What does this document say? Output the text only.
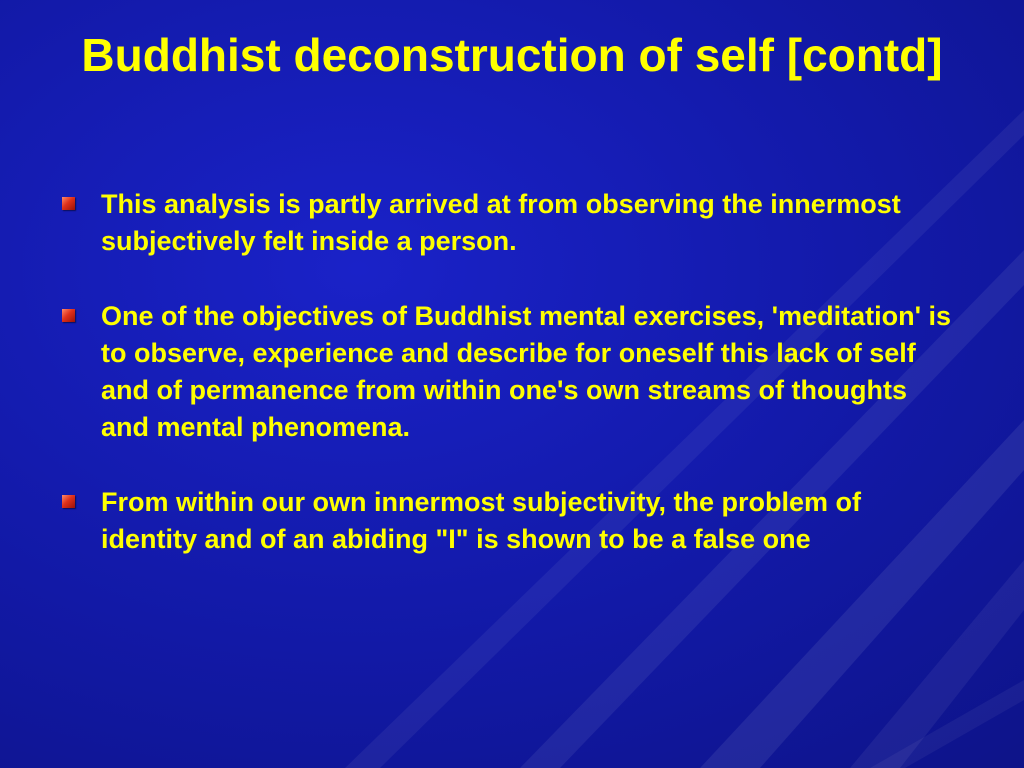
Buddhist deconstruction of self [contd]
This analysis is partly arrived at from observing the innermost subjectively felt inside a person.
One of the objectives of Buddhist mental exercises, 'meditation' is to observe, experience and describe for oneself this lack of self and of permanence from within one's own streams of thoughts and mental phenomena.
From within our own innermost subjectivity, the problem of identity and of an abiding "I" is shown to be a false one
